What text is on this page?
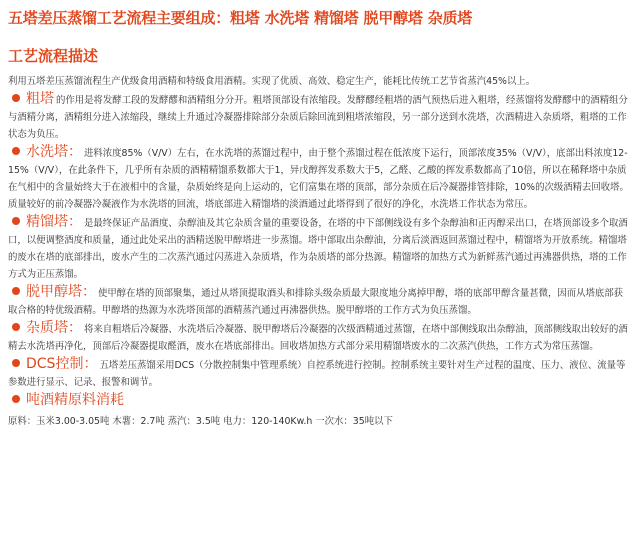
五塔差压蒸馏工艺流程主要组成：粗塔 水洗塔 精馏塔 脱甲醇塔 杂质塔
工艺流程描述
利用五塔差压蒸馏流程生产优级食用酒精和特级食用酒精。实现了优质、高效、稳定生产，能耗比传统工艺节省蒸汽45%以上。
粗塔 的作用是将发酵工段的发酵醪和酒精组分分开。粗塔顶部设有浓缩段。发酵醪经粗塔的酒气预热后进入粗塔，经蒸馏将发酵醪中的酒精组分与酒精分离，酒精组分进入浓缩段，继续上升通过冷凝器排除部分杂质后除回流到粗塔浓缩段，另一部分送到水洗塔，次酒精进入杂质塔，粗塔的工作状态为负压。
水洗塔： 进料浓度85%（V/V）左右，在水洗塔的蒸馏过程中，由于整个蒸馏过程在低浓度下运行，顶部浓度35%（V/V），底部出料浓度12-15%（V/V），在此条件下，几乎所有杂质的酒精精馏系数都大于1，异戊醇挥发系数大于5，乙醛、乙酸的挥发系数都高了10倍，所以在稀释塔中杂质在气相中的含量始终大于在液相中的含量，杂质始终是向上运动的，它们富集在塔的顶部，部分杂质在后冷凝器排管排除，10%的次级酒精去回收塔。质量较好的前冷凝器冷凝液作为水洗塔的回流，塔底部进入精馏塔的淡酒通过此塔得到了很好的净化，水洗塔工作状态为常压。
精馏塔： 是最终保证产品酒度、杂醇油及其它杂质含量的重要设备，在塔的中下部侧线设有多个杂醇油和正丙醇采出口，在塔顶部设多个取酒口，以便调整酒度和质量，通过此处采出的酒精送脱甲醇塔进一步蒸馏。塔中部取出杂醇油，分离后淡酒返回蒸馏过程中，精馏塔为开放系统。精馏塔的废水在塔的底部排出，废水产生的二次蒸汽通过闪蒸进入杂质塔，作为杂质塔的部分热源。精馏塔的加热方式为新鲜蒸汽通过再沸器供热，塔的工作方式为正压蒸馏。
脱甲醇塔： 使甲醇在塔的顶部聚集，通过从塔顶提取酒头和排除头级杂质最大限度地分离掉甲醇，塔的底部甲醇含量甚微，因而从塔底部获取合格的特优级酒精。甲醇塔的热源为水洗塔顶部的酒精蒸汽通过再沸器供热。脱甲醇塔的工作方式为负压蒸馏。
杂质塔： 将来自粗塔后冷凝器、水洗塔后冷凝器、脱甲醇塔后冷凝器的次级酒精通过蒸馏，在塔中部侧线取出杂醇油，顶部侧线取出较好的酒精去水洗塔再净化，顶部后冷凝器提取醛酒，废水在塔底部排出。回收塔加热方式部分采用精馏塔废水的二次蒸汽供热，工作方式为常压蒸馏。
DCS控制： 五塔差压蒸馏采用DCS（分散控制集中管理系统）自控系统进行控制。控制系统主要针对生产过程的温度、压力、液位、流量等参数进行显示、记录、报警和调节。
吨酒精原料消耗
原料：玉米3.00-3.05吨 木薯：2.7吨 蒸汽：3.5吨 电力：120-140Kw.h 一次水：35吨以下
